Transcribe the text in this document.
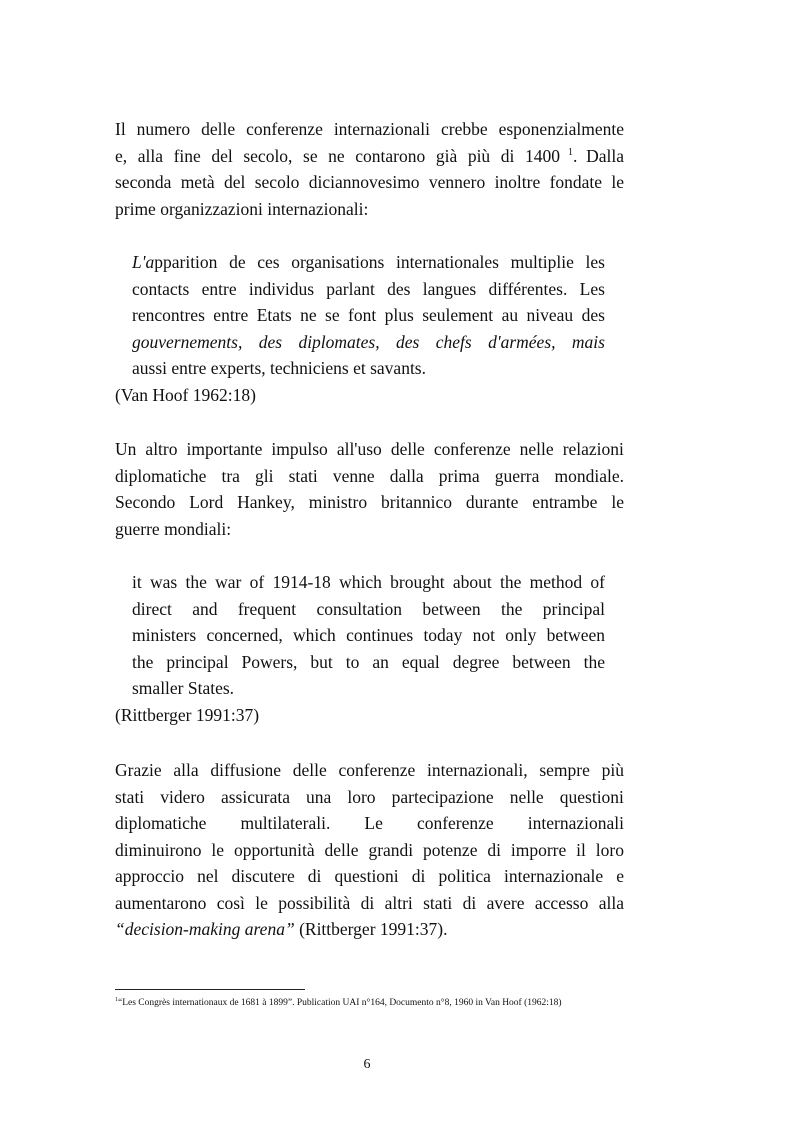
Il numero delle conferenze internazionali crebbe esponenzialmente
e, alla fine del secolo, se ne contarono già più di 1400 $^1$.  Dalla
seconda metà del secolo diciannovesimo vennero inoltre fondate le
prime organizzazioni internazionali:
L'a pparition de ces organisations internationales multiplie les
contacts entre individus parlant des langues différentes. Les
rencontres entre Etats ne se font plus seulement au niveau des
gouvernements, des diplomates, des chefs d'armées, mais
aussi entre experts, techniciens et savants.
(Van Hoof 1962:18)
Un altro importante impulso all'uso delle conferenze nelle relazioni
diplomatiche tra gli stati venne dalla prima guerra mondiale.
Secondo Lord Hankey, ministro britannico durante entrambe le
guerre mondiali:
it was the war of 1914-18 which brought about the method of
direct and frequent consultation between the principal
ministers concerned, which continues today not only between
the principal Powers, but to an equal degree between the
smaller States.
(Rittberger 1991:37)
Grazie alla diffusione delle conferenze internazionali, sempre più
stati videro assicurata una loro partecipazione nelle questioni
diplomatiche multilaterali. Le conferenze internazionali
diminuirono le opportunità delle grandi potenze di imporre il loro
approccio nel discutere di questioni di politica internazionale e
aumentarono così le possibilità di altri stati di avere accesso alla
“decision-making arena” (Rittberger 1991:37).
$^1$“Les Congrès internationaux de 1681 à 1899”. Publication UAI n°164, Documento n°8, 1960 in Van Hoof (1962:18)
6
